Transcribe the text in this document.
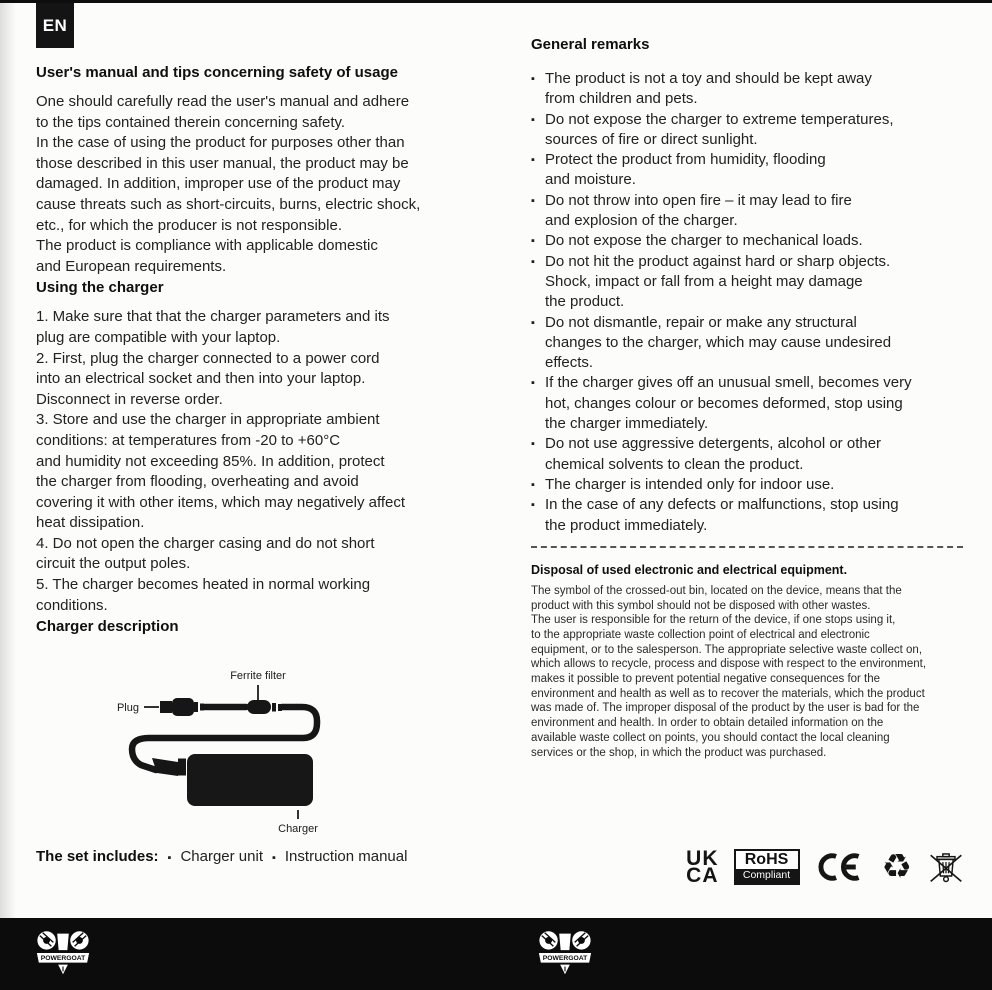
EN
User's manual and tips concerning safety of usage

One should carefully read the user's manual and adhere
to the tips contained therein concerning safety.
In the case of using the product for purposes other than
those described in this user manual, the product may be
damaged. In addition, improper use of the product may
cause threats such as short-circuits, burns, electric shock,
etc., for which the producer is not responsible.
The product is compliance with applicable domestic
and European requirements.

Using the charger

1. Make sure that that the charger parameters and its
plug are compatible with your laptop.
2. First, plug the charger connected to a power cord
into an electrical socket and then into your laptop.
Disconnect in reverse order.
3. Store and use the charger in appropriate ambient
conditions: at temperatures from -20 to +60°C
and humidity not exceeding 85%. In addition, protect
the charger from flooding, overheating and avoid
covering it with other items, which may negatively affect
heat dissipation.
4. Do not open the charger casing and do not short
circuit the output poles.
5. The charger becomes heated in normal working
conditions.

Charger description
Ferrite filter
Plug
Charger
The set includes: ▪ Charger unit ▪ Instruction manual
General remarks
▪ The product is not a toy and should be kept away
from children and pets.
▪ Do not expose the charger to extreme temperatures,
sources of fire or direct sunlight.
▪ Protect the product from humidity, flooding
and moisture.
▪ Do not throw into open fire – it may lead to fire
and explosion of the charger.
▪ Do not expose the charger to mechanical loads.
▪ Do not hit the product against hard or sharp objects.
Shock, impact or fall from a height may damage
the product.
▪ Do not dismantle, repair or make any structural
changes to the charger, which may cause undesired
effects.
▪ If the charger gives off an unusual smell, becomes very
hot, changes colour or becomes deformed, stop using
the charger immediately.
▪ Do not use aggressive detergents, alcohol or other
chemical solvents to clean the product.
▪ The charger is intended only for indoor use.
▪ In the case of any defects or malfunctions, stop using
the product immediately.
Disposal of used electronic and electrical equipment.

The symbol of the crossed-out bin, located on the device, means that the
product with this symbol should not be disposed with other wastes.
The user is responsible for the return of the device, if one stops using it,
to the appropriate waste collection point of electrical and electronic
equipment, or to the salesperson. The appropriate selective waste collect on,
which allows to recycle, process and dispose with respect to the environment,
makes it possible to prevent potential negative consequences for the
environment and health as well as to recover the materials, which the product
was made of. The improper disposal of the product by the user is bad for the
environment and health. In order to obtain detailed information on the
available waste collect on points, you should contact the local cleaning
services or the shop, in which the product was purchased.

UK
CA
RoHS
Compliant	♻
POWERGOAT	POWERGOAT
